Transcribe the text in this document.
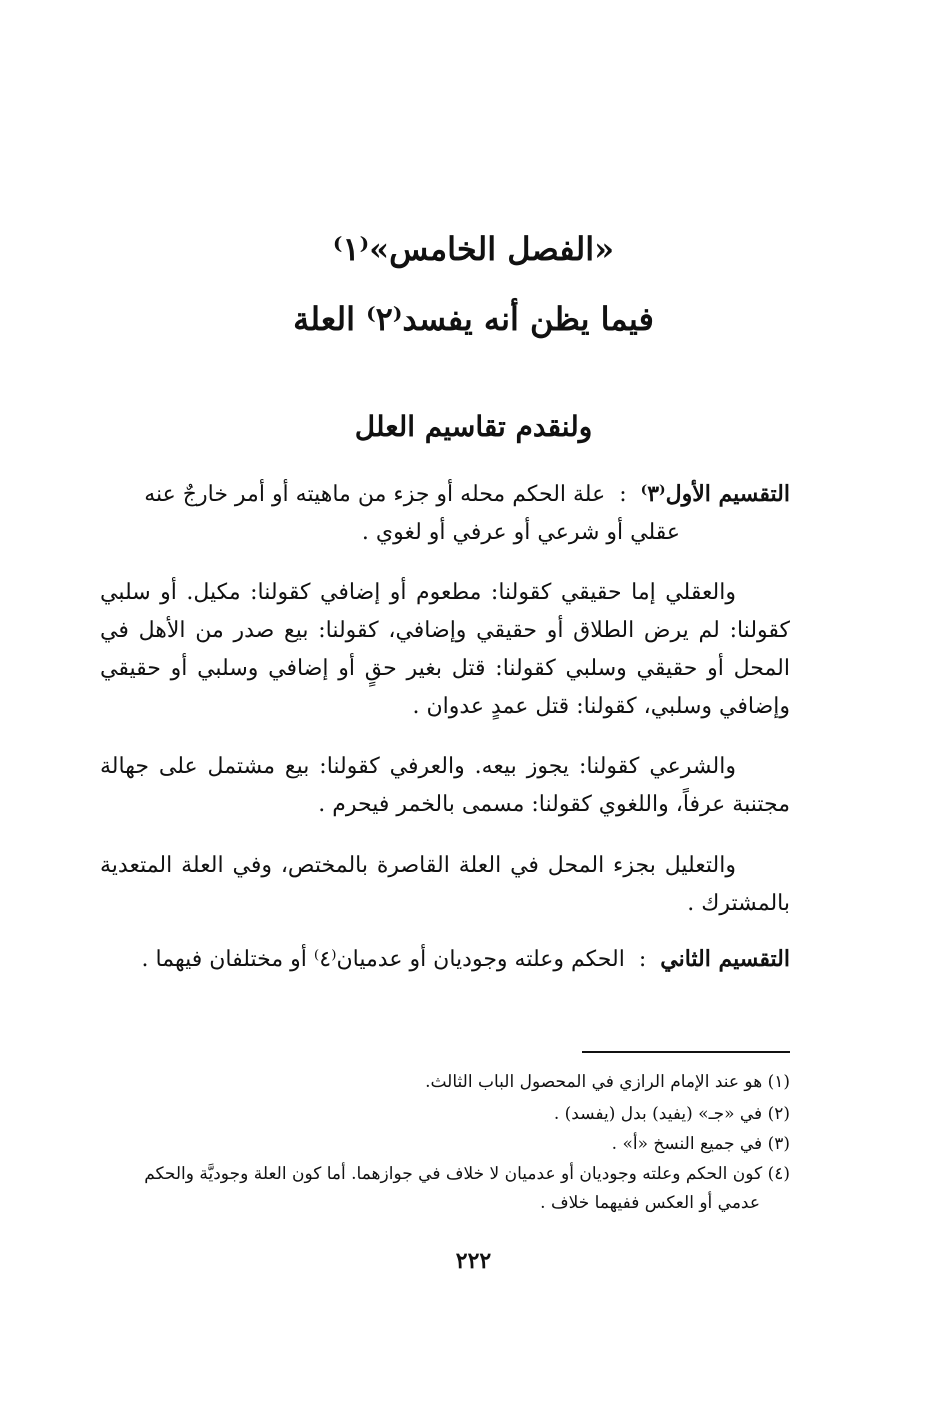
«الفصل الخامس»⁽١⁾
فيما يظن أنه يفسد⁽٢⁾ العلة
ولنقدم تقاسيم العلل
التقسيم الأول⁽٣⁾:علة الحكم محله أو جزء من ماهيته أو أمر خارجٌ عنه
عقلي أو شرعي أو عرفي أو لغوي .
والعقلي إما حقيقي كقولنا: مطعوم أو إضافي كقولنا: مكيل. أو سلبي كقولنا: لم يرض الطلاق أو حقيقي وإضافي، كقولنا: بيع صدر من الأهل في المحل أو حقيقي وسلبي كقولنا: قتل بغير حقٍ أو إضافي وسلبي أو حقيقي وإضافي وسلبي، كقولنا: قتل عمدٍ عدوان .
والشرعي كقولنا: يجوز بيعه. والعرفي كقولنا: بيع مشتمل على جهالة مجتنبة عرفاً، واللغوي كقولنا: مسمى بالخمر فيحرم .
والتعليل بجزء المحل في العلة القاصرة بالمختص، وفي العلة المتعدية بالمشترك .
التقسيم الثاني:الحكم وعلته وجوديان أو عدميان⁽٤⁾ أو مختلفان فيهما .
(١) هو عند الإمام الرازي في المحصول الباب الثالث.
(٢) في «جـ» (يفيد) بدل (يفسد) .
(٣) في جميع النسخ «أ» .
(٤) كون الحكم وعلته وجوديان أو عدميان لا خلاف في جوازهما. أما كون العلة وجوديَّة والحكم
عدمي أو العكس ففيهما خلاف .
٢٢٢
